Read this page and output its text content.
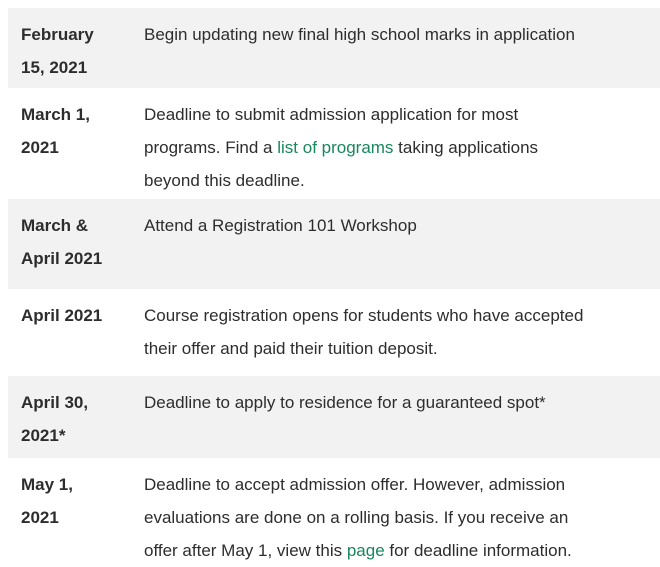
February
15, 2021
Begin updating new final high school marks in application
March 1,
2021
Deadline to submit admission application for most
programs. Find a list of programs taking applications
beyond this deadline.
March &
April 2021
Attend a Registration 101 Workshop
April 2021	Course registration opens for students who have accepted
their offer and paid their tuition deposit.
April 30,
2021*
Deadline to apply to residence for a guaranteed spot*
May 1,
2021
Deadline to accept admission offer. However, admission
evaluations are done on a rolling basis. If you receive an
offer after May 1, view this page for deadline information.
